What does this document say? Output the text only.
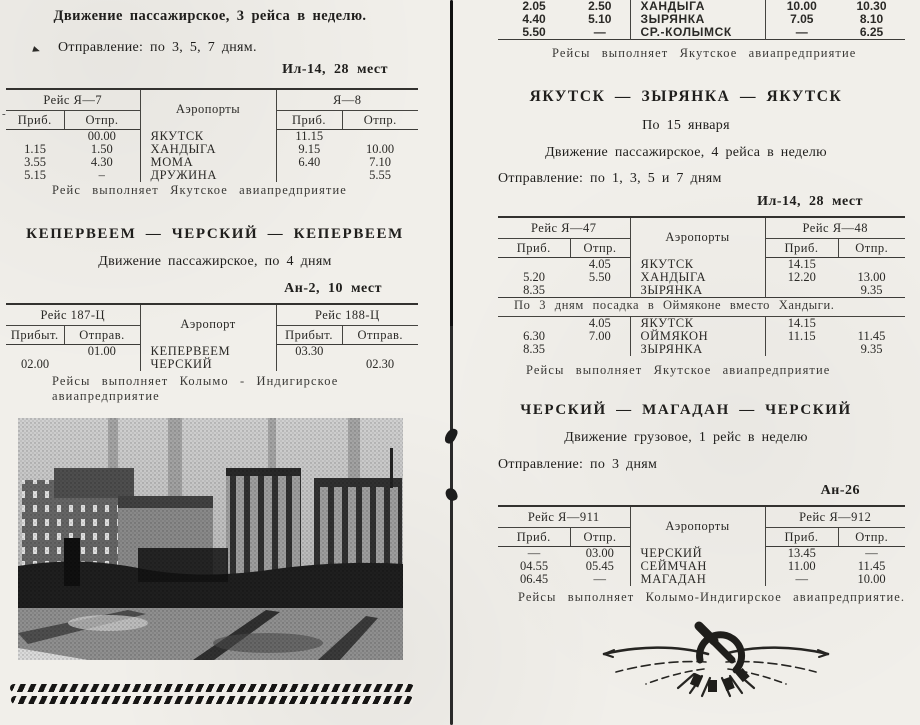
Движение пассажирское, 3 рейса в неделю.
Отправление: по 3, 5, 7 дням.
Ил-14, 28 мест
-
Рейс Я—7		Аэропорты	Я—8	
Приб.	Отпр.		Приб.	Отпр.
	00.00	ЯКУТСК	11.15	
1.15	1.50	ХАНДЫГА	9.15	10.00
3.55	4.30	МОМА	6.40	7.10
5.15	–	ДРУЖИНА		5.55
Рейс выполняет Якутское авиапредприятие
КЕПЕРВЕЕМ — ЧЕРСКИЙ — КЕПЕРВЕЕМ
Движение пассажирское, по 4 дням
Ан-2, 10 мест
Рейс 187-Ц		Аэропорт	Рейс 188-Ц	
Прибыт.	Отправ.		Прибыт.	Отправ.
	01.00	КЕПЕРВЕЕМ	03.30	
02.00		ЧЕРСКИЙ		02.30
Рейсы выполняет Колымо - Индигирское авиапредприятие
2.05	2.50	ХАНДЫГА	10.00	10.30
4.40	5.10	ЗЫРЯНКА	7.05	8.10
5.50	—	СР.-КОЛЫМСК	—	6.25
Рейсы выполняет Якутское авиапредприятие
ЯКУТСК — ЗЫРЯНКА — ЯКУТСК
По 15 января
Движение пассажирское, 4 рейса в неделю
Отправление: по 1, 3, 5 и 7 дням
Ил-14, 28 мест
Рейс Я—47		Аэропорты	Рейс Я—48	
Приб.	Отпр.		Приб.	Отпр.
	4.05	ЯКУТСК	14.15	
5.20	5.50	ХАНДЫГА	12.20	13.00
8.35		ЗЫРЯНКА		9.35
По 3 дням посадка в Оймяконе вместо Хандыги.
	4.05	ЯКУТСК	14.15	
6.30	7.00	ОЙМЯКОН	11.15	11.45
8.35		ЗЫРЯНКА		9.35
Рейсы выполняет Якутское авиапредприятие
ЧЕРСКИЙ — МАГАДАН — ЧЕРСКИЙ
Движение грузовое, 1 рейс в неделю
Отправление: по 3 дням
Ан-26
Рейс Я—911		Аэропорты	Рейс Я—912	
Приб.	Отпр.		Приб.	Отпр.
—	03.00	ЧЕРСКИЙ	13.45	—
04.55	05.45	СЕЙМЧАН	11.00	11.45
06.45	—	МАГАДАН	—	10.00
Рейсы выполняет Колымо-Индигирское авиапредприятие.
